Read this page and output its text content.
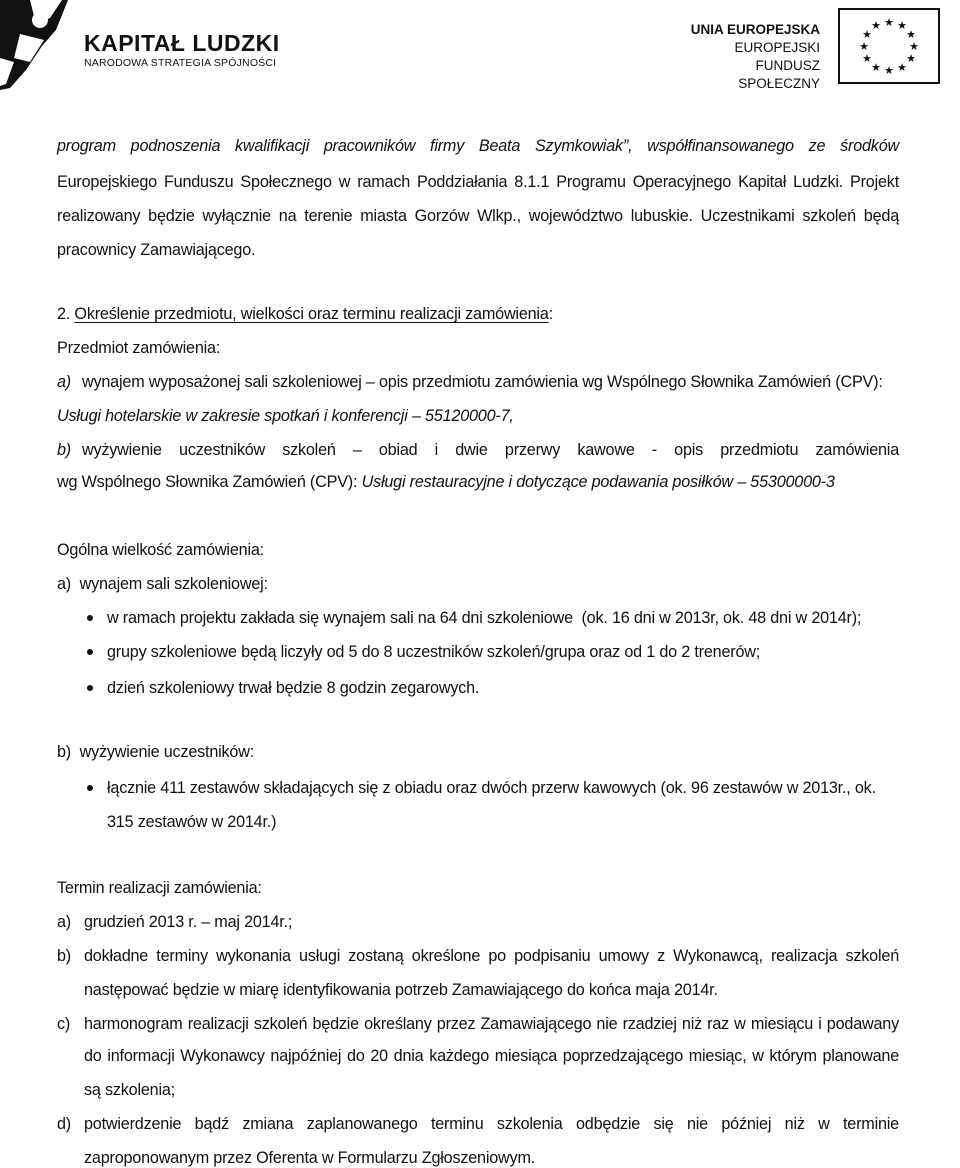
KAPITAŁ LUDZKI
NARODOWA STRATEGIA SPÓJNOŚCI
UNIA EUROPEJSKA
EUROPEJSKI
FUNDUSZ SPOŁECZNY
★ ★
★
★
★
★
★
★
★
★
★
★
program podnoszenia kwalifikacji pracowników firmy Beata Szymkowiak”, współfinansowanego ze środków
Europejskiego Funduszu Społecznego w ramach Poddziałania 8.1.1 Programu Operacyjnego Kapitał Ludzki. Projekt
realizowany będzie wyłącznie na terenie miasta Gorzów Wlkp., województwo lubuskie. Uczestnikami szkoleń będą
pracownicy Zamawiającego.
2. Określenie przedmiotu, wielkości oraz terminu realizacji zamówienia:
Przedmiot zamówienia:
a) wynajem wyposażonej sali szkoleniowej – opis przedmiotu zamówienia wg Wspólnego Słownika Zamówień (CPV):
Usługi hotelarskie w zakresie spotkań i konferencji – 55120000-7,
b) wyżywienie uczestników szkoleń – obiad i dwie przerwy kawowe - opis przedmiotu zamówienia
wg Wspólnego Słownika Zamówień (CPV): Usługi restauracyjne i dotyczące podawania posiłków – 55300000-3
Ogólna wielkość zamówienia:
a)  wynajem sali szkoleniowej:
w ramach projektu zakłada się wynajem sali na 64 dni szkoleniowe  (ok. 16 dni w 2013r, ok. 48 dni w 2014r);
grupy szkoleniowe będą liczyły od 5 do 8 uczestników szkoleń/grupa oraz od 1 do 2 trenerów;
dzień szkoleniowy trwał będzie 8 godzin zegarowych.
b)  wyżywienie uczestników:
łącznie 411 zestawów składających się z obiadu oraz dwóch przerw kawowych (ok. 96 zestawów w 2013r., ok.
315 zestawów w 2014r.)
Termin realizacji zamówienia:
a) grudzień 2013 r. – maj 2014r.;
b) dokładne terminy wykonania usługi zostaną określone po podpisaniu umowy z Wykonawcą, realizacja szkoleń
następować będzie w miarę identyfikowania potrzeb Zamawiającego do końca maja 2014r.
c) harmonogram realizacji szkoleń będzie określany przez Zamawiającego nie rzadziej niż raz w miesiącu i podawany
do informacji Wykonawcy najpóźniej do 20 dnia każdego miesiąca poprzedzającego miesiąc, w którym planowane
są szkolenia;
d) potwierdzenie bądź zmiana zaplanowanego terminu szkolenia odbędzie się nie później niż w terminie
zaproponowanym przez Oferenta w Formularzu Zgłoszeniowym.
